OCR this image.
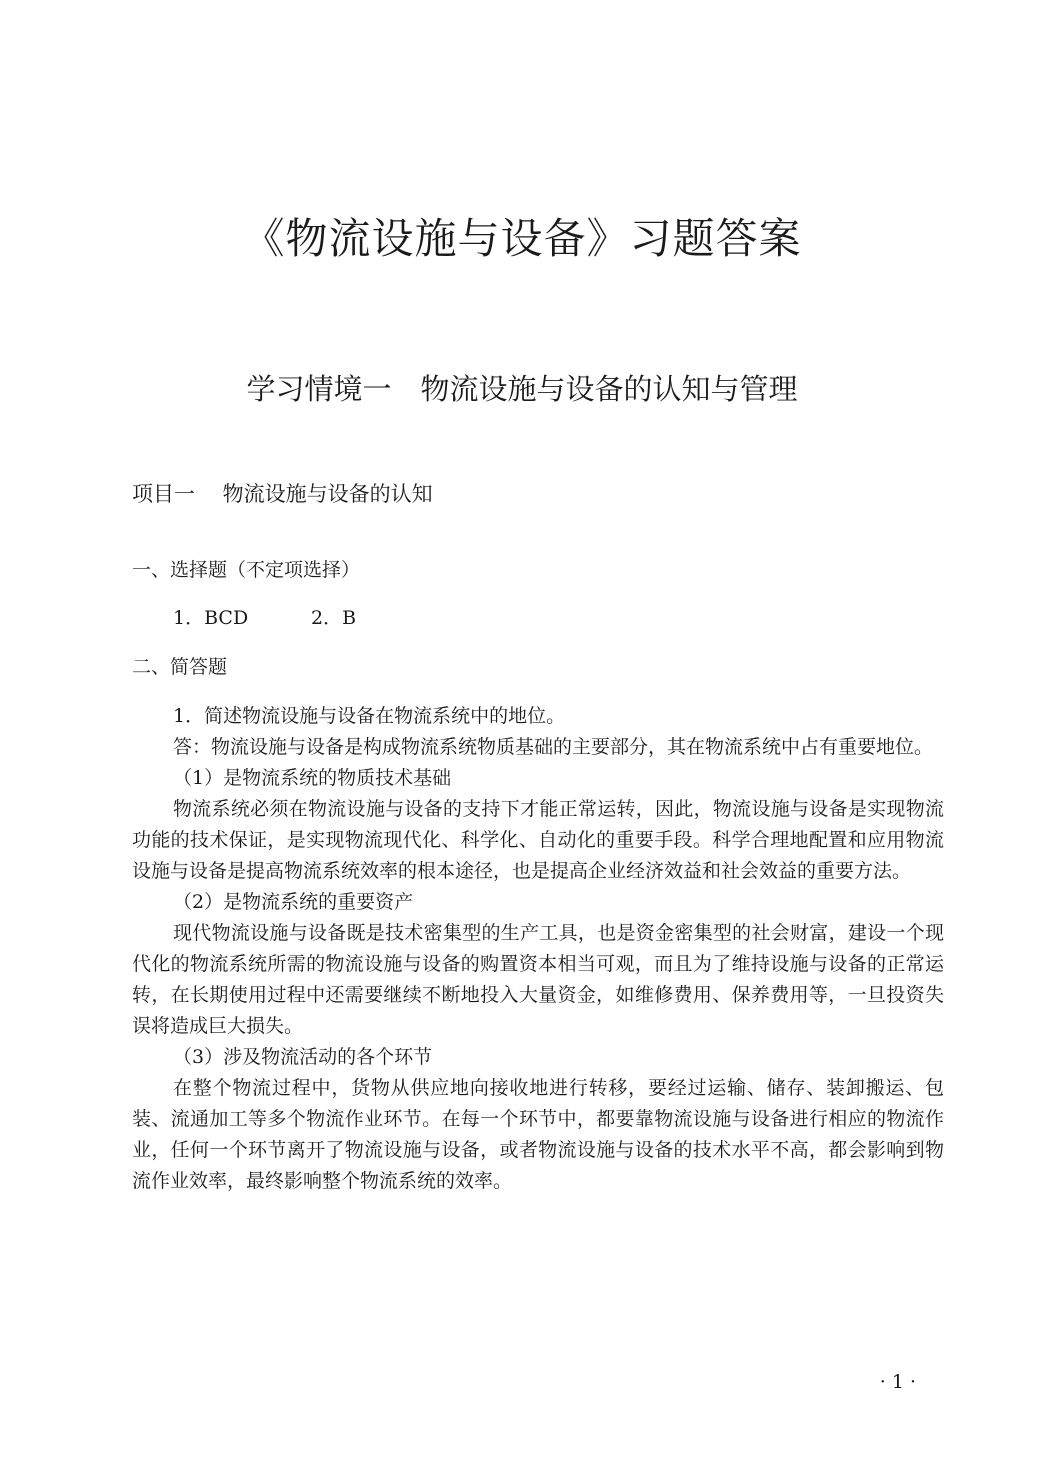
《物流设施与设备》习题答案
学习情境一　物流设施与设备的认知与管理
项目一　 物流设施与设备的认知
一、选择题（不定项选择）
1．BCD	2．B
二、简答题

1．简述物流设施与设备在物流系统中的地位。

答：物流设施与设备是构成物流系统物质基础的主要部分，其在物流系统中占有重要地位。

（1）是物流系统的物质技术基础

物流系统必须在物流设施与设备的支持下才能正常运转，因此，物流设施与设备是实现物流功能的技术保证，是实现物流现代化、科学化、自动化的重要手段。科学合理地配置和应用物流设施与设备是提高物流系统效率的根本途径，也是提高企业经济效益和社会效益的重要方法。

（2）是物流系统的重要资产

现代物流设施与设备既是技术密集型的生产工具，也是资金密集型的社会财富，建设一个现代化的物流系统所需的物流设施与设备的购置资本相当可观，而且为了维持设施与设备的正常运转，在长期使用过程中还需要继续不断地投入大量资金，如维修费用、保养费用等，一旦投资失误将造成巨大损失。

（3）涉及物流活动的各个环节

在整个物流过程中，货物从供应地向接收地进行转移，要经过运输、储存、装卸搬运、包装、流通加工等多个物流作业环节。在每一个环节中，都要靠物流设施与设备进行相应的物流作业，任何一个环节离开了物流设施与设备，或者物流设施与设备的技术水平不高，都会影响到物流作业效率，最终影响整个物流系统的效率。

· 1 ·
